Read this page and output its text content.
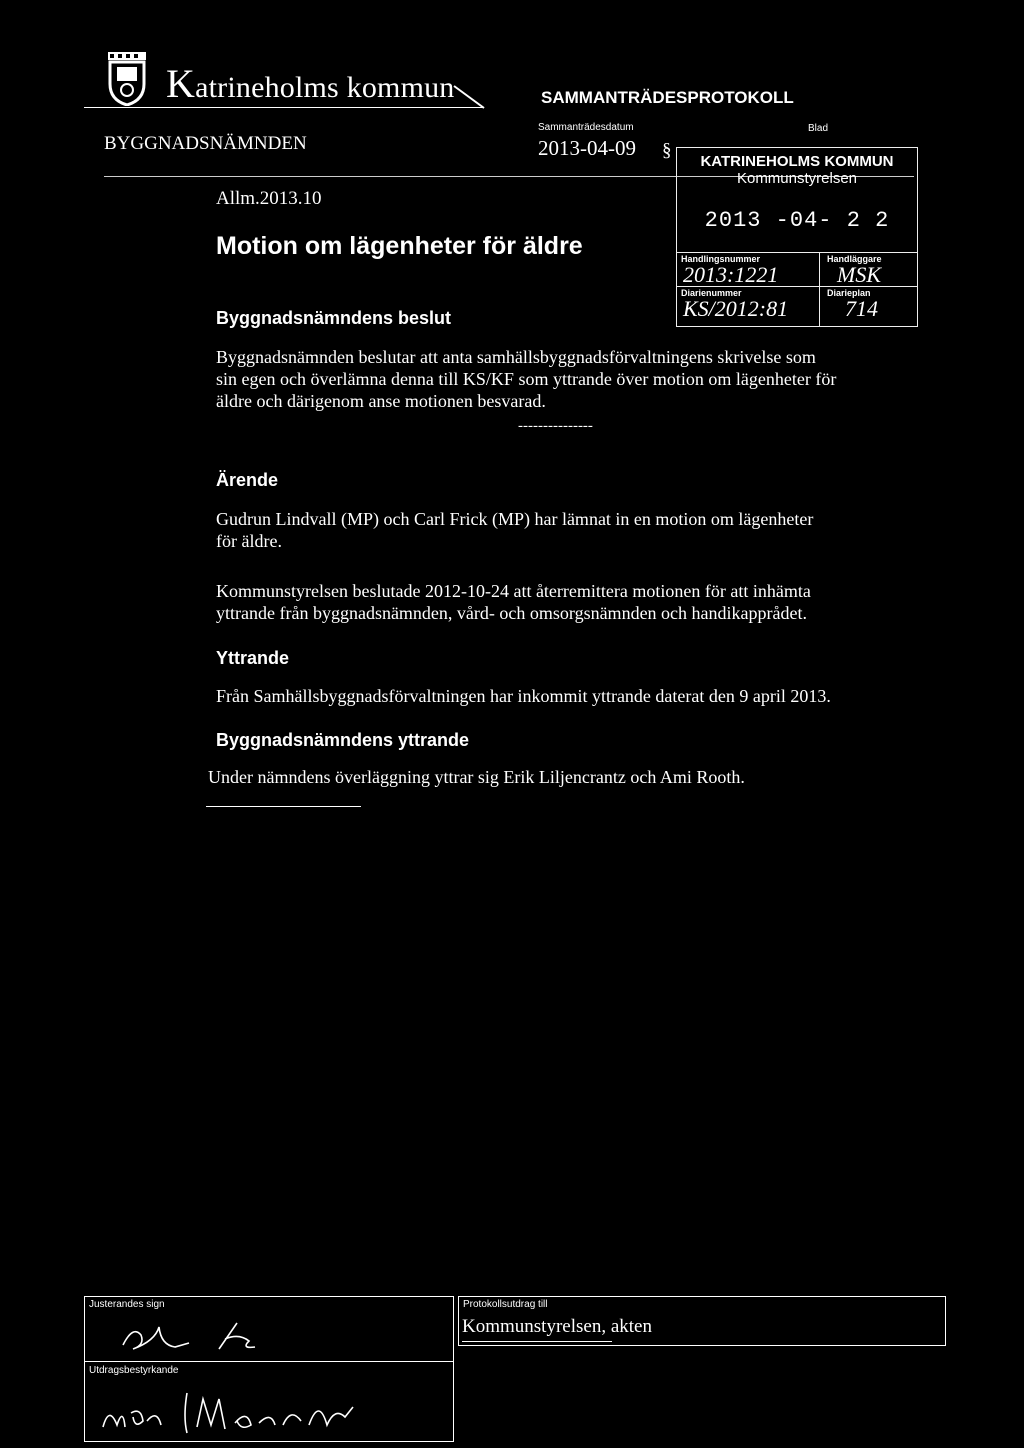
Katrineholms kommun	SAMMANTRÄDESPROTOKOLL
BYGGNADSNÄMNDEN
Sammanträdesdatum
2013-04-09 §
Blad
KATRINEHOLMS KOMMUN
Kommunstyrelsen
2013 -04- 2 2
Handlingsnummer
2013:1221
Handläggare
MSK
Diarienummer
KS/2012:81
Diarieplan
714
Allm.2013.10
Motion om lägenheter för äldre
Byggnadsnämndens beslut
Byggnadsnämnden beslutar att anta samhällsbyggnadsförvaltningens skrivelse som
sin egen och överlämna denna till KS/KF som yttrande över motion om lägenheter för
äldre och därigenom anse motionen besvarad.
---------------
Ärende
Gudrun Lindvall (MP) och Carl Frick (MP) har lämnat in en motion om lägenheter
för äldre.
Kommunstyrelsen beslutade 2012-10-24 att återremittera motionen för att inhämta
yttrande från byggnadsnämnden, vård- och omsorgsnämnden och handikapprådet.
Yttrande
Från Samhällsbyggnadsförvaltningen har inkommit yttrande daterat den 9 april 2013.
Byggnadsnämndens yttrande
Under nämndens överläggning yttrar sig Erik Liljencrantz och Ami Rooth.
Justerandes sign
Utdragsbestyrkande
Protokollsutdrag till
Kommunstyrelsen, akten
